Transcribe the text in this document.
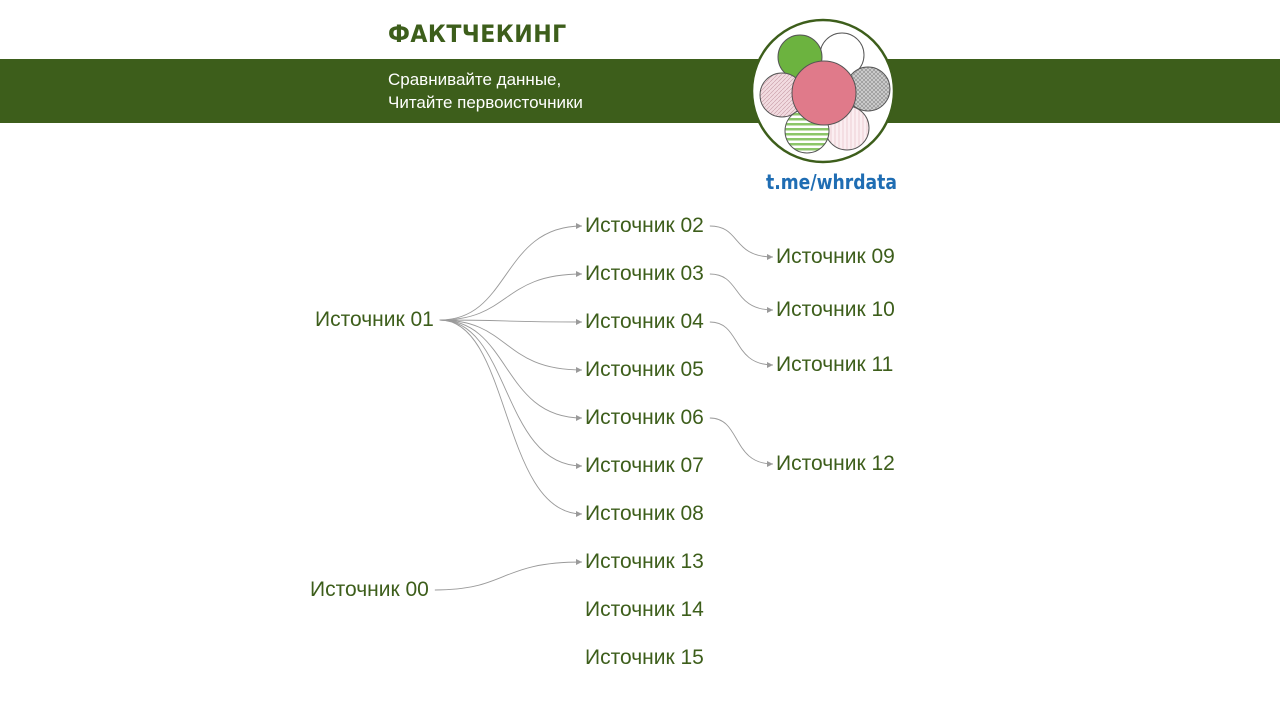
ФАКТЧЕКИНГ
Сравнивайте данные,
Читайте первоисточники
t.me/whrdata
Источник 00
Источник 01
Источник 02
Источник 03
Источник 04
Источник 05
Источник 06
Источник 07
Источник 08
Источник 09
Источник 10
Источник 11
Источник 12
Источник 13
Источник 14
Источник 15
